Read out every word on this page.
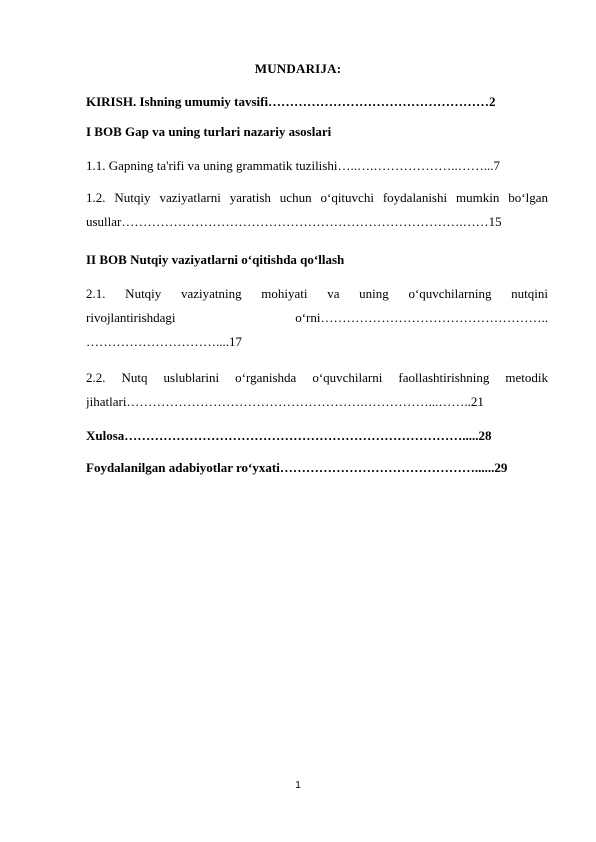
MUNDARIJA:
KIRISH. Ishning umumiy tavsifi……………………………………………2
I BOB Gap va uning turlari nazariy asoslari
1.1. Gapning ta'rifi va uning grammatik tuzilishi…..….………………..……...7
1.2. Nutqiy vaziyatlarni yaratish uchun o‘qituvchi foydalanishi mumkin bo‘lgan
usullar…………………………………………………………………….……15
II BOB Nutqiy vaziyatlarni o‘qitishda qo‘llash
2.1. Nutqiy vaziyatning mohiyati va uning o‘quvchilarning nutqini
rivojlantirishdagi	o‘rni……………………………………………..
…………………………....17
2.2. Nutq uslublarini o‘rganishda o‘quvchilarni faollashtirishning metodik
jihatlari……………………………………………….……………...……..21
Xulosa…………………………………………………………………….....28
Foydalanilgan adabiyotlar ro‘yxati………………………………………......29
1
